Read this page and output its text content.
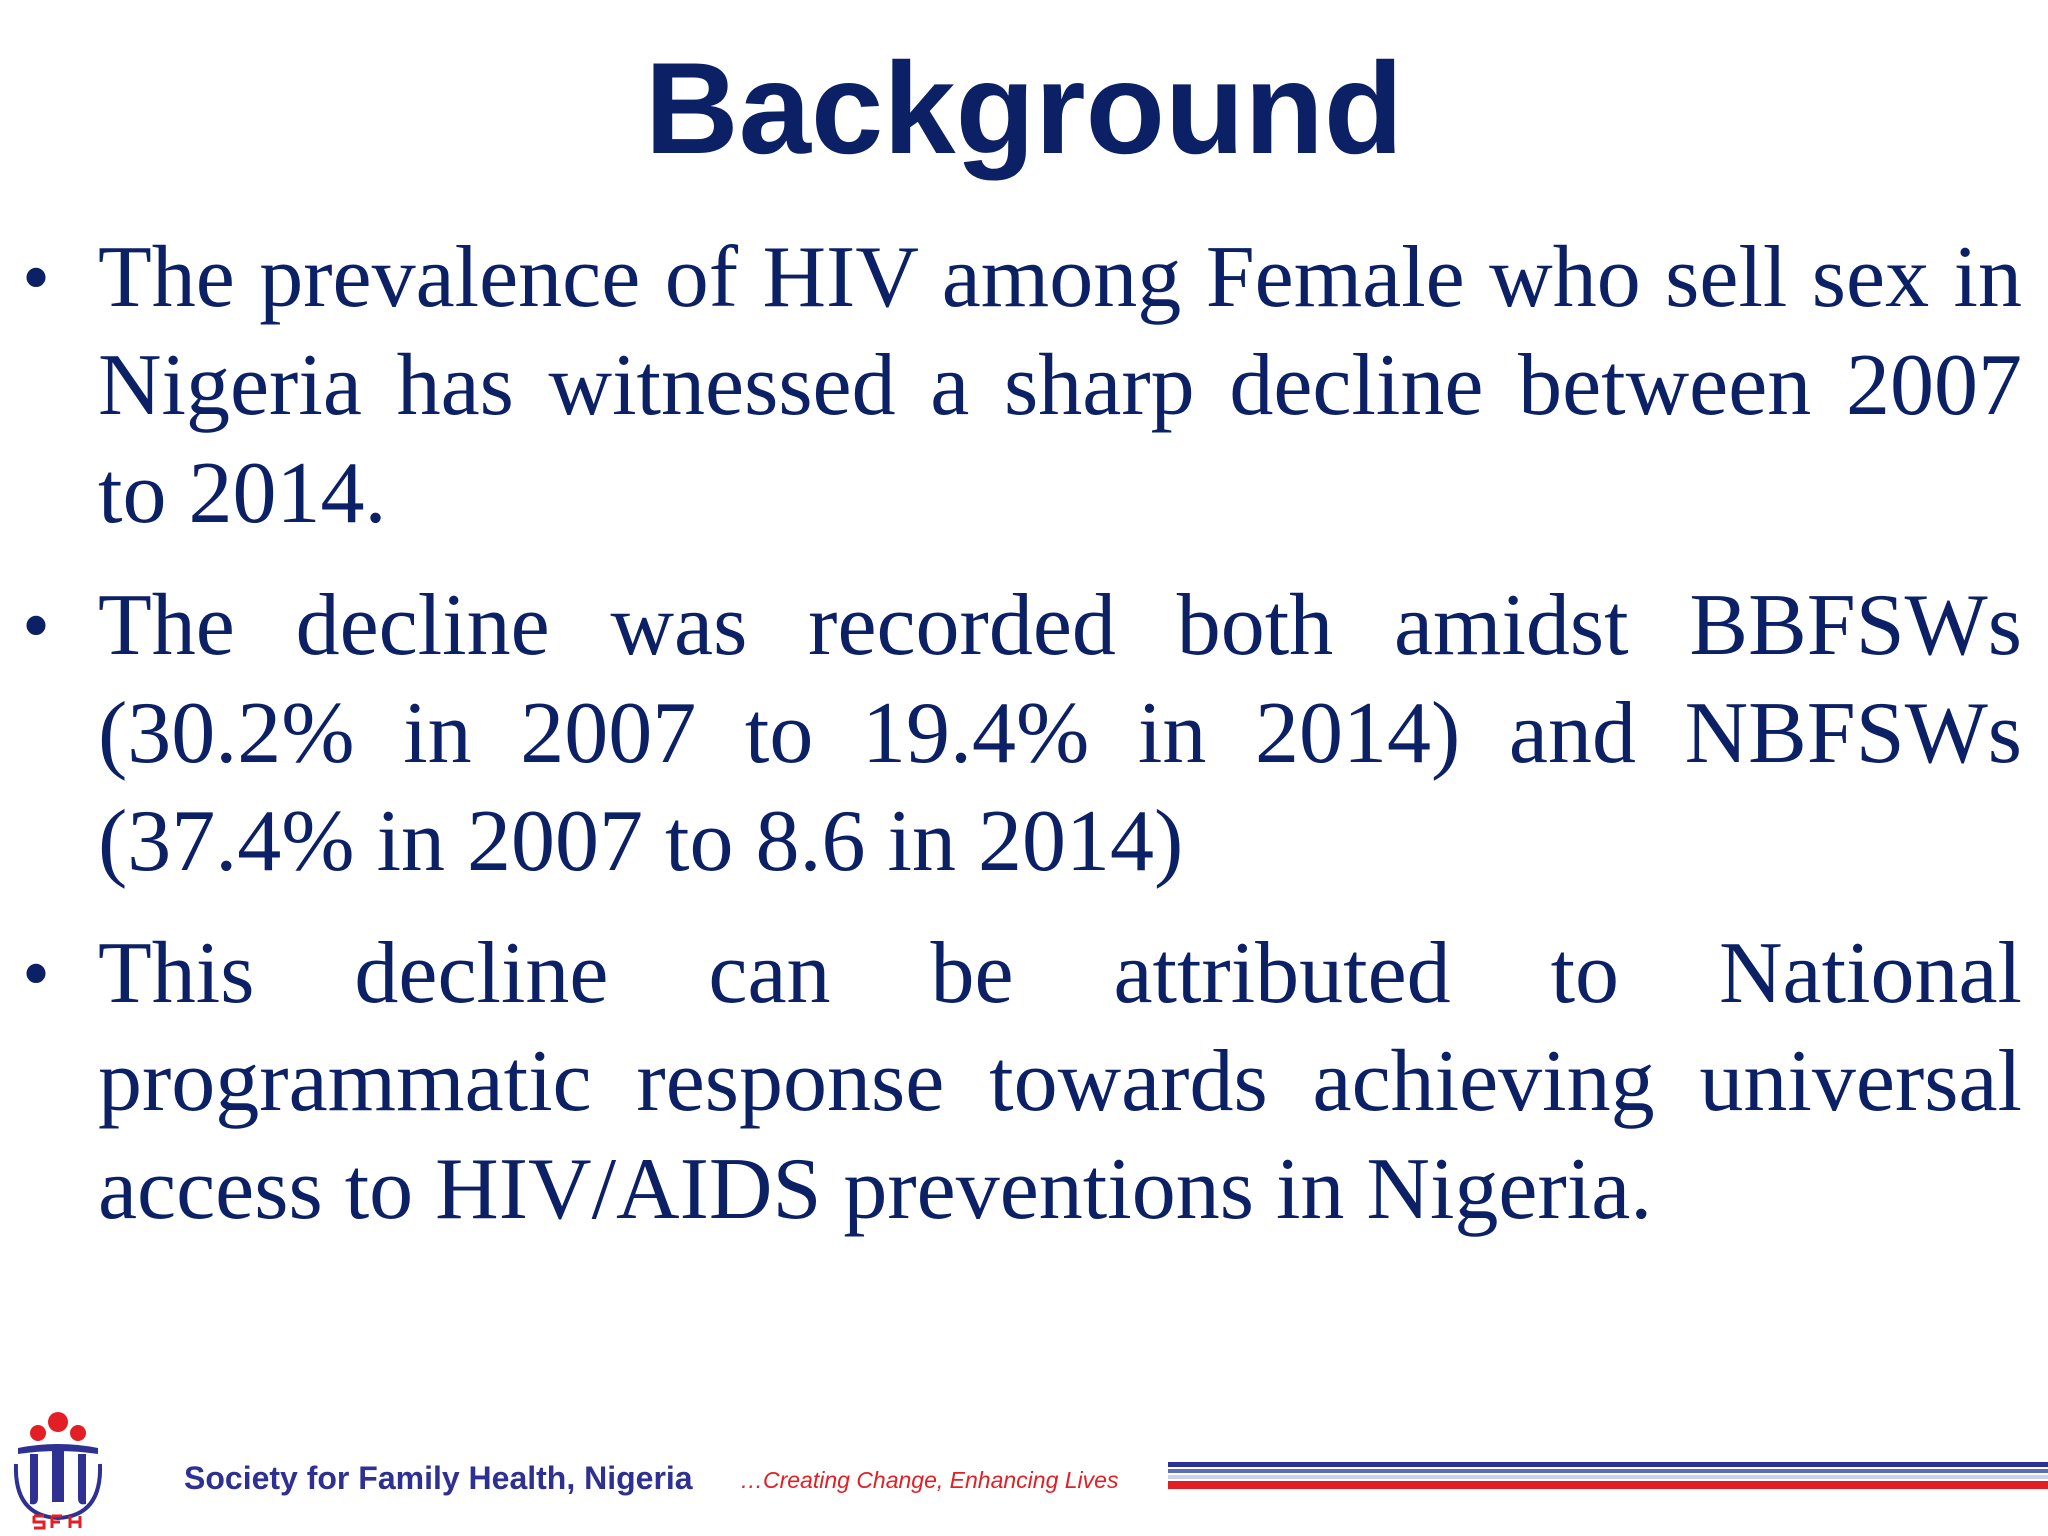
Background
• The prevalence of HIV among Female who sell sex in Nigeria has witnessed a sharp decline between 2007 to 2014.
• The decline was recorded both amidst BBFSWs (30.2% in 2007 to 19.4% in 2014) and NBFSWs (37.4% in 2007 to 8.6 in 2014)
• This decline can be attributed to National programmatic response towards achieving universal access to HIV/AIDS preventions in Nigeria.
Society for Family Health, Nigeria …Creating Change, Enhancing Lives
